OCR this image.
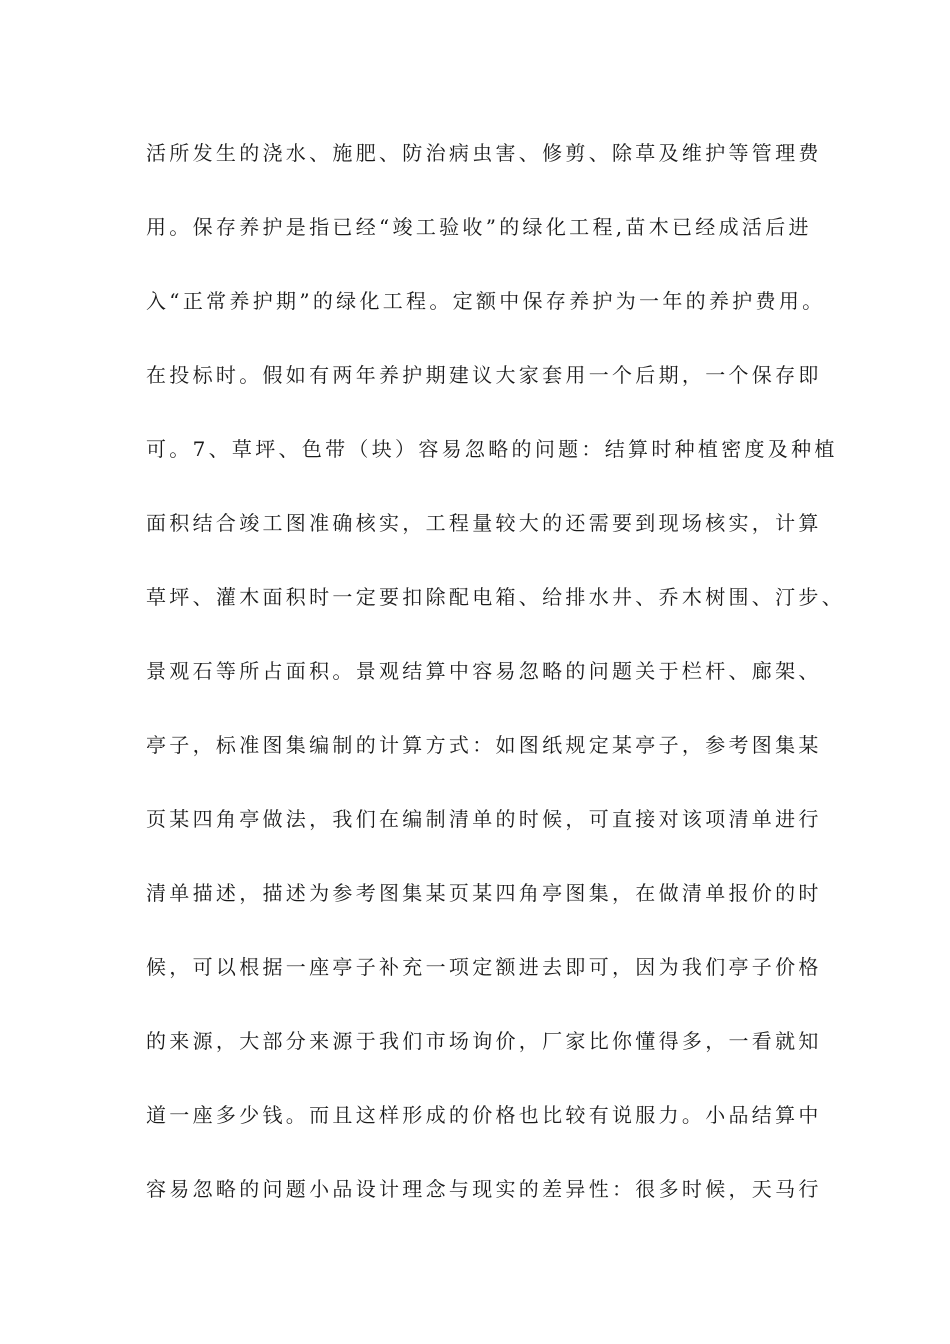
活所发生的浇水、施肥、防治病虫害、修剪、除草及维护等管理费
用。保存养护是指已经“竣工验收”的绿化工程,苗木已经成活后进
入“正常养护期”的绿化工程。定额中保存养护为一年的养护费用。
在投标时。假如有两年养护期建议大家套用一个后期，一个保存即
可。7、草坪、色带（块）容易忽略的问题：结算时种植密度及种植
面积结合竣工图准确核实，工程量较大的还需要到现场核实，计算
草坪、灌木面积时一定要扣除配电箱、给排水井、乔木树围、汀步、
景观石等所占面积。景观结算中容易忽略的问题关于栏杆、廊架、
亭子，标准图集编制的计算方式：如图纸规定某亭子，参考图集某
页某四角亭做法，我们在编制清单的时候，可直接对该项清单进行
清单描述，描述为参考图集某页某四角亭图集，在做清单报价的时
候，可以根据一座亭子补充一项定额进去即可，因为我们亭子价格
的来源，大部分来源于我们市场询价，厂家比你懂得多，一看就知
道一座多少钱。而且这样形成的价格也比较有说服力。小品结算中
容易忽略的问题小品设计理念与现实的差异性：很多时候，天马行
